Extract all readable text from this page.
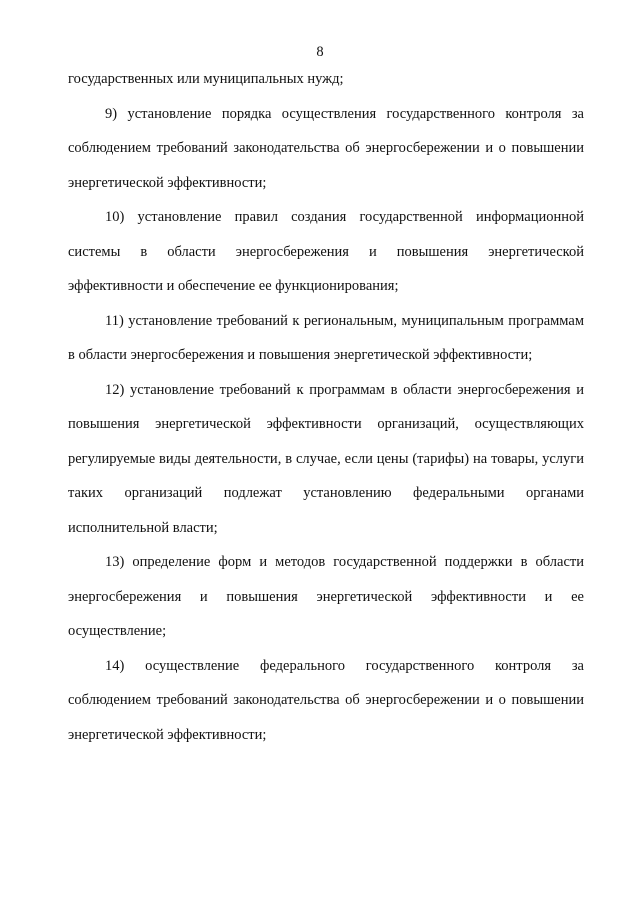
8

государственных или муниципальных нужд;

9) установление порядка осуществления государственного контроля за соблюдением требований законодательства об энергосбережении и о повышении энергетической эффективности;

10) установление правил создания государственной информационной системы в области энергосбережения и повышения энергетической эффективности и обеспечение ее функционирования;

11) установление требований к региональным, муниципальным программам в области энергосбережения и повышения энергетической эффективности;

12) установление требований к программам в области энергосбережения и повышения энергетической эффективности организаций, осуществляющих регулируемые виды деятельности, в случае, если цены (тарифы) на товары, услуги таких организаций подлежат установлению федеральными органами исполнительной власти;

13) определение форм и методов государственной поддержки в области энергосбережения и повышения энергетической эффективности и ее осуществление;

14) осуществление федерального государственного контроля за соблюдением требований законодательства об энергосбережении и о повышении энергетической эффективности;
